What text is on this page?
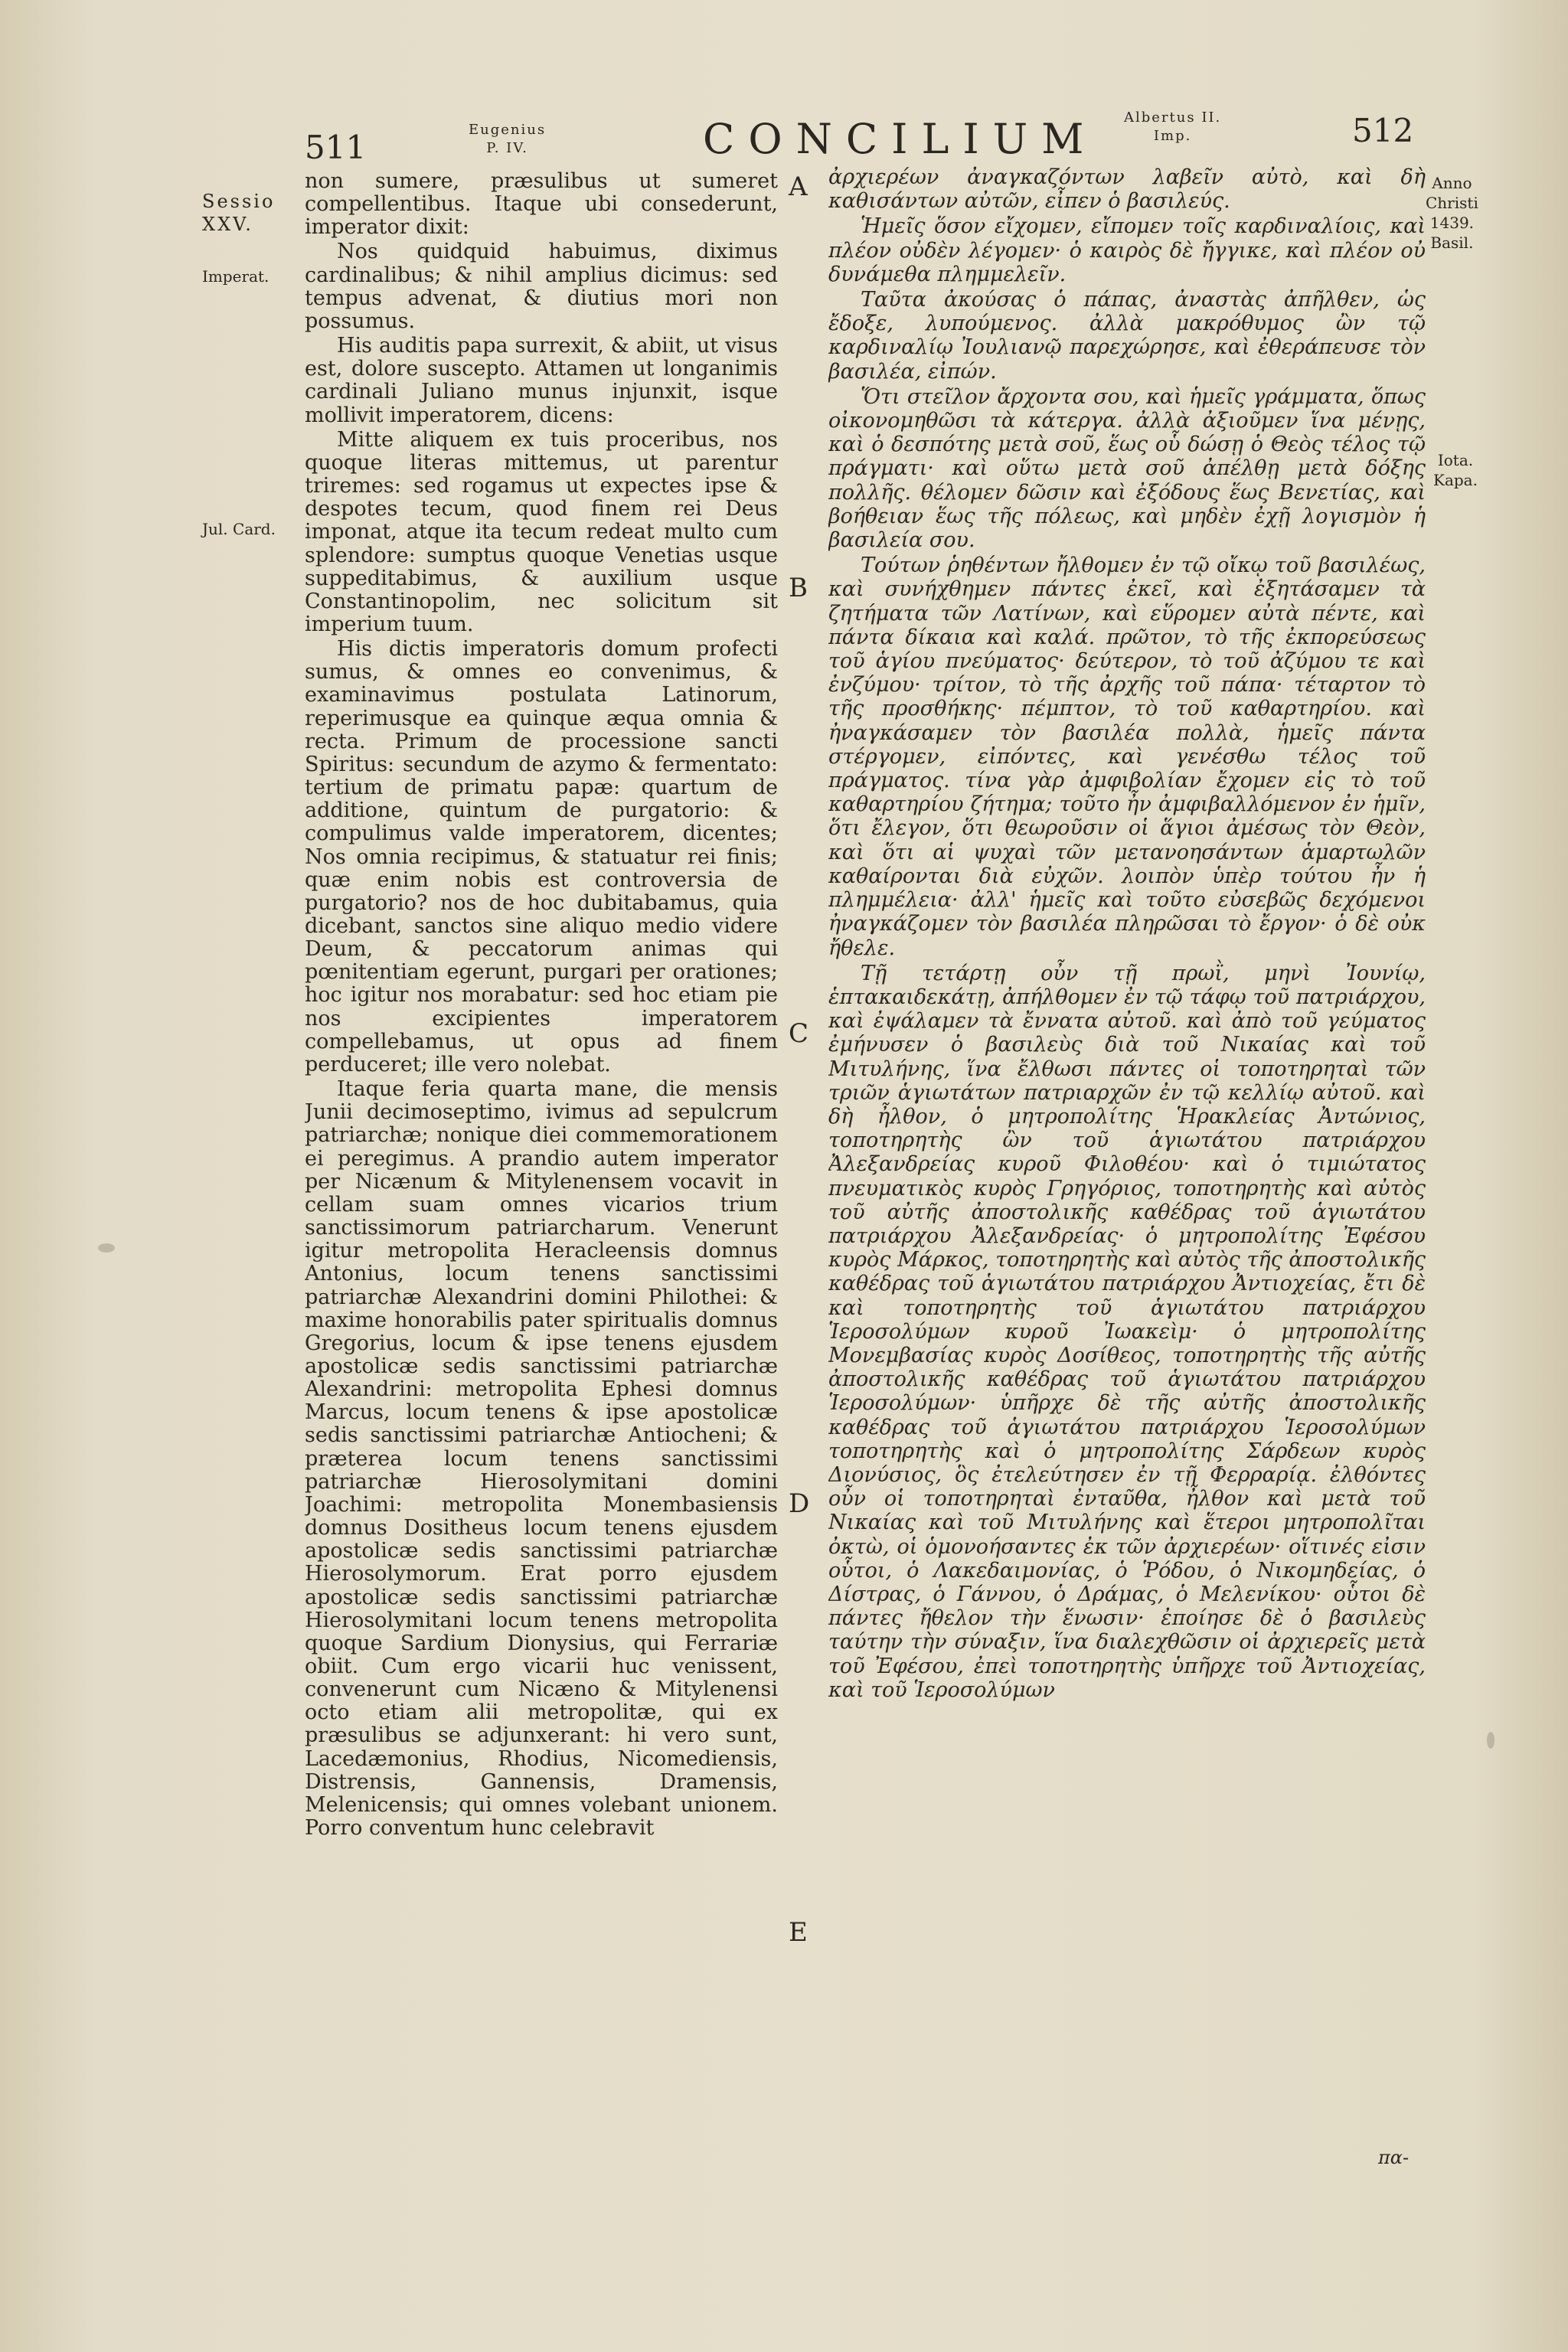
511	Eugenius
P. IV.	CONCILIUM Albertus II.
Imp.	512
Sessio
XXV.
Imperat.
Jul. Card.
Anno
Christi
1439.
Basil.
Iota.
Kapa.
A
B
C
D
E

non sumere, præsulibus ut sumeret compellentibus. Itaque ubi consederunt, imperator dixit:

Nos quidquid habuimus, diximus cardinalibus; & nihil amplius dicimus: sed tempus advenat, & diutius mori non possumus.

His auditis papa surrexit, & abiit, ut visus est, dolore suscepto. Attamen ut longanimis cardinali Juliano munus injunxit, isque mollivit imperatorem, dicens:

Mitte aliquem ex tuis proceribus, nos quoque literas mittemus, ut parentur triremes: sed rogamus ut expectes ipse & despotes tecum, quod finem rei Deus imponat, atque ita tecum redeat multo cum splendore: sumptus quoque Venetias usque suppeditabimus, & auxilium usque Constantinopolim, nec solicitum sit imperium tuum.

His dictis imperatoris domum profecti sumus, & omnes eo convenimus, & examinavimus postulata Latinorum, reperimusque ea quinque æqua omnia & recta. Primum de processione sancti Spiritus: secundum de azymo & fermentato: tertium de primatu papæ: quartum de additione, quintum de purgatorio: & compulimus valde imperatorem, dicentes; Nos omnia recipimus, & statuatur rei finis; quæ enim nobis est controversia de purgatorio? nos de hoc dubitabamus, quia dicebant, sanctos sine aliquo medio videre Deum, & peccatorum animas qui pœnitentiam egerunt, purgari per orationes; hoc igitur nos morabatur: sed hoc etiam pie nos excipientes imperatorem compellebamus, ut opus ad finem perduceret; ille vero nolebat.

Itaque feria quarta mane, die mensis Junii decimoseptimo, ivimus ad sepulcrum patriarchæ; nonique diei commemorationem ei peregimus. A prandio autem imperator per Nicænum & Mitylenensem vocavit in cellam suam omnes vicarios trium sanctissimorum patriarcharum. Venerunt igitur metropolita Heracleensis domnus Antonius, locum tenens sanctissimi patriarchæ Alexandrini domini Philothei: & maxime honorabilis pater spiritualis domnus Gregorius, locum & ipse tenens ejusdem apostolicæ sedis sanctissimi patriarchæ Alexandrini: metropolita Ephesi domnus Marcus, locum tenens & ipse apostolicæ sedis sanctissimi patriarchæ Antiocheni; & præterea locum tenens sanctissimi patriarchæ Hierosolymitani domini Joachimi: metropolita Monembasiensis domnus Dositheus locum tenens ejusdem apostolicæ sedis sanctissimi patriarchæ Hierosolymorum. Erat porro ejusdem apostolicæ sedis sanctissimi patriarchæ Hierosolymitani locum tenens metropolita quoque Sardium Dionysius, qui Ferrariæ obiit. Cum ergo vicarii huc venissent, convenerunt cum Nicæno & Mitylenensi octo etiam alii metropolitæ, qui ex præsulibus se adjunxerant: hi vero sunt, Lacedæmonius, Rhodius, Nicomediensis, Distrensis, Gannensis, Dramensis, Melenicensis; qui omnes volebant unionem. Porro conventum hunc celebravit

ἀρχιερέων ἀναγκαζόντων λαβεῖν αὐτὸ, καὶ δὴ καθισάντων αὐτῶν, εἶπεν ὁ βασιλεύς.

Ἡμεῖς ὅσον εἴχομεν, εἴπομεν τοῖς καρδιναλίοις, καὶ πλέον οὐδὲν λέγομεν· ὁ καιρὸς δὲ ἤγγικε, καὶ πλέον οὐ δυνάμεθα πλημμελεῖν.

Ταῦτα ἀκούσας ὁ πάπας, ἀναστὰς ἀπῆλθεν, ὡς ἔδοξε, λυπούμενος. ἀλλὰ μακρόθυμος ὢν τῷ καρδιναλίῳ Ἰουλιανῷ παρεχώρησε, καὶ ἐθεράπευσε τὸν βασιλέα, εἰπών.

Ὅτι στεῖλον ἄρχοντα σου, καὶ ἡμεῖς γράμματα, ὅπως οἰκονομηθῶσι τὰ κάτεργα. ἀλλὰ ἀξιοῦμεν ἵνα μένῃς, καὶ ὁ δεσπότης μετὰ σοῦ, ἕως οὗ δώσῃ ὁ Θεὸς τέλος τῷ πράγματι· καὶ οὕτω μετὰ σοῦ ἀπέλθῃ μετὰ δόξης πολλῆς. θέλομεν δῶσιν καὶ ἐξόδους ἕως Βενετίας, καὶ βοήθειαν ἕως τῆς πόλεως, καὶ μηδὲν ἐχῇ λογισμὸν ἡ βασιλεία σου.

Τούτων ῥηθέντων ἤλθομεν ἐν τῷ οἴκῳ τοῦ βασιλέως, καὶ συνήχθημεν πάντες ἐκεῖ, καὶ ἐξητάσαμεν τὰ ζητήματα τῶν Λατίνων, καὶ εὕρομεν αὐτὰ πέντε, καὶ πάντα δίκαια καὶ καλά. πρῶτον, τὸ τῆς ἐκπορεύσεως τοῦ ἁγίου πνεύματος· δεύτερον, τὸ τοῦ ἀζύμου τε καὶ ἐνζύμου· τρίτον, τὸ τῆς ἀρχῆς τοῦ πάπα· τέταρτον τὸ τῆς προσθήκης· πέμπτον, τὸ τοῦ καθαρτηρίου. καὶ ἠναγκάσαμεν τὸν βασιλέα πολλὰ, ἡμεῖς πάντα στέργομεν, εἰπόντες, καὶ γενέσθω τέλος τοῦ πράγματος. τίνα γὰρ ἀμφιβολίαν ἔχομεν εἰς τὸ τοῦ καθαρτηρίου ζήτημα; τοῦτο ἦν ἀμφιβαλλόμενον ἐν ἡμῖν, ὅτι ἔλεγον, ὅτι θεωροῦσιν οἱ ἅγιοι ἀμέσως τὸν Θεὸν, καὶ ὅτι αἱ ψυχαὶ τῶν μετανοησάντων ἁμαρτωλῶν καθαίρονται διὰ εὐχῶν. λοιπὸν ὑπὲρ τούτου ἦν ἡ πλημμέλεια· ἀλλ' ἡμεῖς καὶ τοῦτο εὐσεβῶς δεχόμενοι ἠναγκάζομεν τὸν βασιλέα πληρῶσαι τὸ ἔργον· ὁ δὲ οὐκ ἤθελε.

Τῇ τετάρτῃ οὖν τῇ πρωῒ, μηνὶ Ἰουνίῳ, ἑπτακαιδεκάτῃ, ἀπήλθομεν ἐν τῷ τάφῳ τοῦ πατριάρχου, καὶ ἐψάλαμεν τὰ ἔννατα αὐτοῦ. καὶ ἀπὸ τοῦ γεύματος ἐμήνυσεν ὁ βασιλεὺς διὰ τοῦ Νικαίας καὶ τοῦ Μιτυλήνης, ἵνα ἔλθωσι πάντες οἱ τοποτηρηταὶ τῶν τριῶν ἁγιωτάτων πατριαρχῶν ἐν τῷ κελλίῳ αὐτοῦ. καὶ δὴ ἦλθον, ὁ μητροπολίτης Ἡρακλείας Ἀντώνιος, τοποτηρητὴς ὢν τοῦ ἁγιωτάτου πατριάρχου Ἀλεξανδρείας κυροῦ Φιλοθέου· καὶ ὁ τιμιώτατος πνευματικὸς κυρὸς Γρηγόριος, τοποτηρητὴς καὶ αὐτὸς τοῦ αὐτῆς ἀποστολικῆς καθέδρας τοῦ ἁγιωτάτου πατριάρχου Ἀλεξανδρείας· ὁ μητροπολίτης Ἐφέσου κυρὸς Μάρκος, τοποτηρητὴς καὶ αὐτὸς τῆς ἀποστολικῆς καθέδρας τοῦ ἁγιωτάτου πατριάρχου Ἀντιοχείας, ἔτι δὲ καὶ τοποτηρητὴς τοῦ ἁγιωτάτου πατριάρχου Ἱεροσολύμων κυροῦ Ἰωακεὶμ· ὁ μητροπολίτης Μονεμβασίας κυρὸς Δοσίθεος, τοποτηρητὴς τῆς αὐτῆς ἀποστολικῆς καθέδρας τοῦ ἁγιωτάτου πατριάρχου Ἱεροσολύμων· ὑπῆρχε δὲ τῆς αὐτῆς ἀποστολικῆς καθέδρας τοῦ ἁγιωτάτου πατριάρχου Ἱεροσολύμων τοποτηρητὴς καὶ ὁ μητροπολίτης Σάρδεων κυρὸς Διονύσιος, ὃς ἐτελεύτησεν ἐν τῇ Φερραρίᾳ. ἐλθόντες οὖν οἱ τοποτηρηταὶ ἐνταῦθα, ἦλθον καὶ μετὰ τοῦ Νικαίας καὶ τοῦ Μιτυλήνης καὶ ἕτεροι μητροπολῖται ὀκτὼ, οἱ ὁμονοήσαντες ἐκ τῶν ἀρχιερέων· οἵτινές εἰσιν οὗτοι, ὁ Λακεδαιμονίας, ὁ Ῥόδου, ὁ Νικομηδείας, ὁ Δίστρας, ὁ Γάννου, ὁ Δράμας, ὁ Μελενίκου· οὗτοι δὲ πάντες ἤθελον τὴν ἕνωσιν· ἐποίησε δὲ ὁ βασιλεὺς ταύτην τὴν σύναξιν, ἵνα διαλεχθῶσιν οἱ ἀρχιερεῖς μετὰ τοῦ Ἐφέσου, ἐπεὶ τοποτηρητὴς ὑπῆρχε τοῦ Ἀντιοχείας, καὶ τοῦ Ἱεροσολύμων

πα-
